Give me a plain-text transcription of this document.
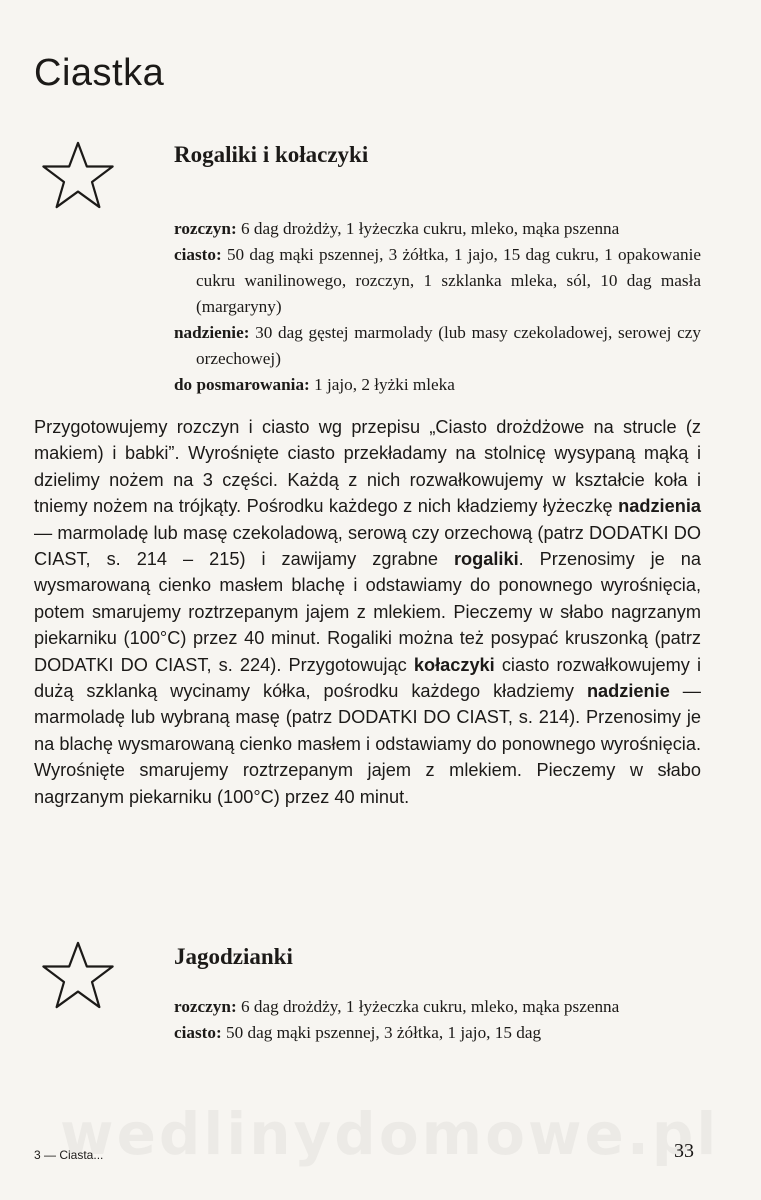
Ciastka
Rogaliki i kołaczyki
rozczyn: 6 dag drożdży, 1 łyżeczka cukru, mleko, mąka pszenna
ciasto: 50 dag mąki pszennej, 3 żółtka, 1 jajo, 15 dag cukru, 1 opakowanie cukru wanilinowego, rozczyn, 1 szklanka mleka, sól, 10 dag masła (margaryny)
nadzienie: 30 dag gęstej marmolady (lub masy czekoladowej, serowej czy orzechowej)
do posmarowania: 1 jajo, 2 łyżki mleka

Przygotowujemy rozczyn i ciasto wg przepisu „Ciasto drożdżowe na strucle (z makiem) i babki”. Wyrośnięte ciasto przekładamy na stolnicę wysypaną mąką i dzielimy nożem na 3 części. Każdą z nich rozwałkowujemy w kształcie koła i tniemy nożem na trójkąty. Pośrodku każdego z nich kładziemy łyżeczkę nadzienia — marmoladę lub masę czekoladową, serową czy orzechową (patrz DODATKI DO CIAST, s. 214 – 215) i zawijamy zgrabne rogaliki. Przenosimy je na wysmarowaną cienko masłem blachę i odstawiamy do ponownego wyrośnięcia, potem smarujemy roztrzepanym jajem z mlekiem. Pieczemy w słabo nagrzanym piekarniku (100°C) przez 40 minut. Rogaliki można też posypać kruszonką (patrz DODATKI DO CIAST, s. 224). Przygotowując kołaczyki ciasto rozwałkowujemy i dużą szklanką wycinamy kółka, pośrodku każdego kładziemy nadzienie — marmoladę lub wybraną masę (patrz DODATKI DO CIAST, s. 214). Przenosimy je na blachę wysmarowaną cienko masłem i odstawiamy do ponownego wyrośnięcia. Wyrośnięte smarujemy roztrzepanym jajem z mlekiem. Pieczemy w słabo nagrzanym piekarniku (100°C) przez 40 minut.

Jagodzianki
rozczyn: 6 dag drożdży, 1 łyżeczka cukru, mleko, mąka pszenna
ciasto: 50 dag mąki pszennej, 3 żółtka, 1 jajo, 15 dag
3 — Ciasta...	33
